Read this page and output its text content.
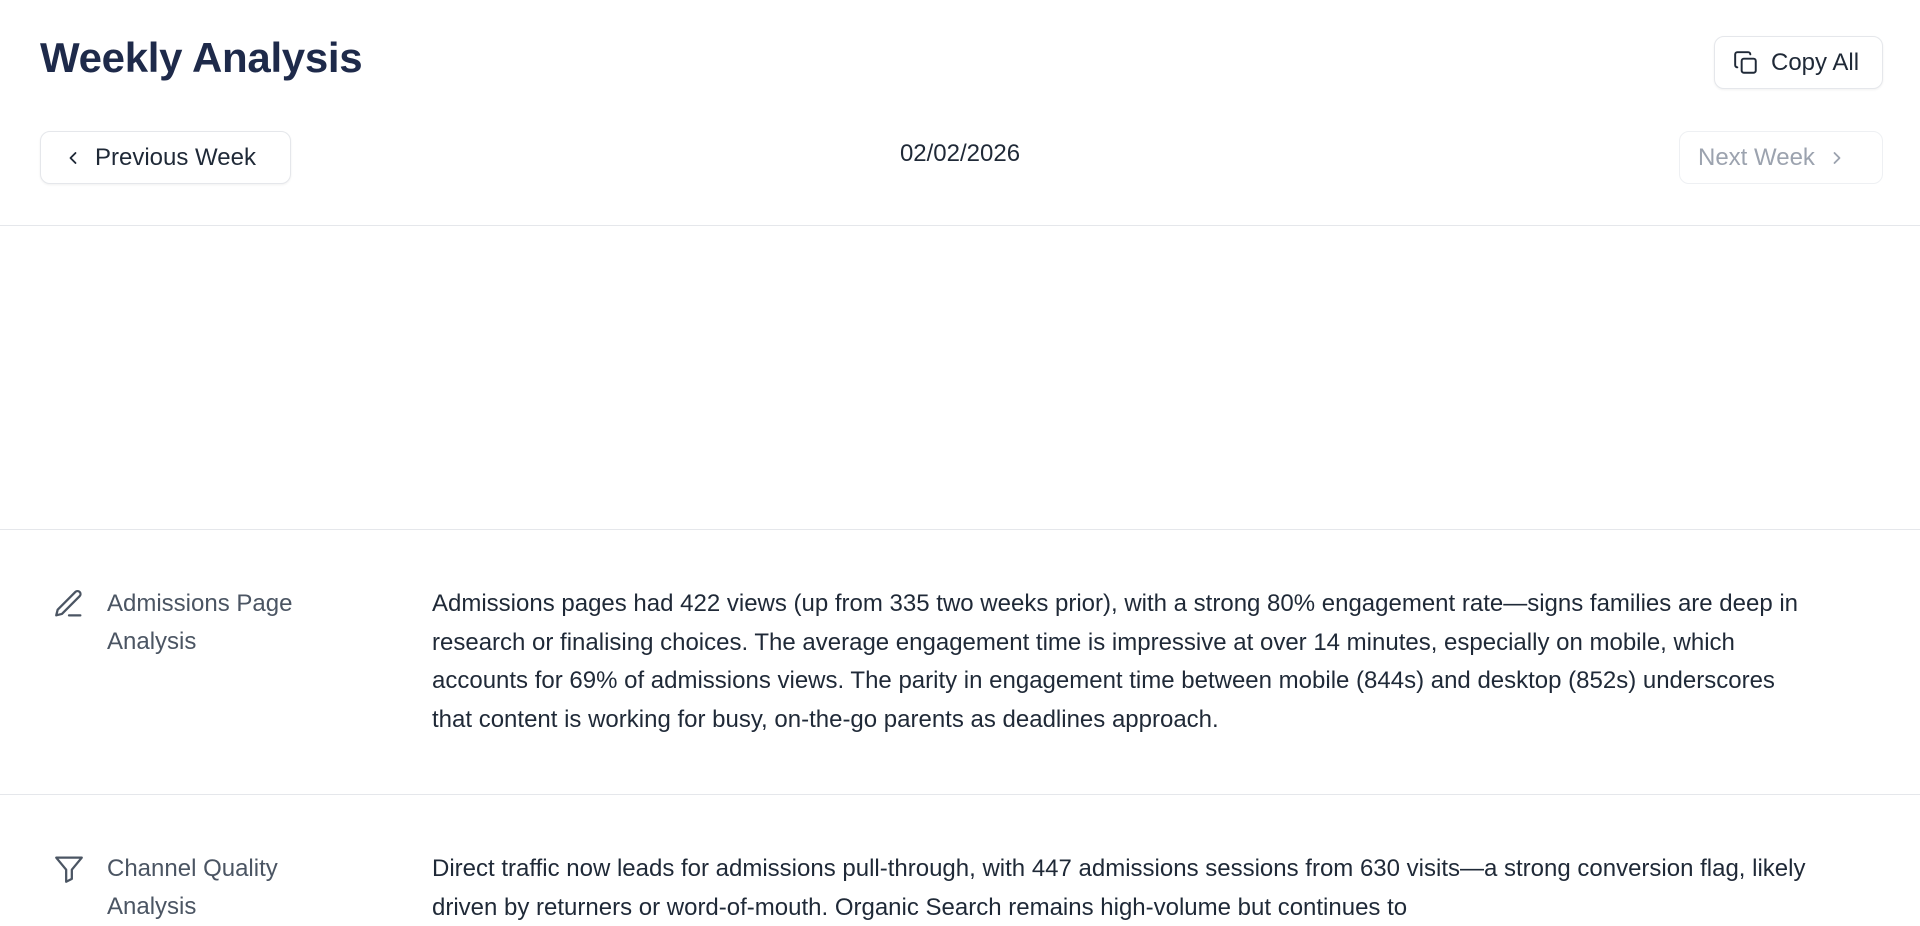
Weekly Analysis	Copy All
Previous Week	02/02/2026	Next Week
Admissions Page Analysis

Admissions pages had 422 views (up from 335 two weeks prior), with a strong 80% engagement rate—signs families are deep in research or finalising choices. The average engagement time is impressive at over 14 minutes, especially on mobile, which accounts for 69% of admissions views. The parity in engagement time between mobile (844s) and desktop (852s) underscores that content is working for busy, on-the-go parents as deadlines approach.

Channel Quality Analysis

Direct traffic now leads for admissions pull-through, with 447 admissions sessions from 630 visits—a strong conversion flag, likely driven by returners or word-of-mouth. Organic Search remains high-volume but continues to
